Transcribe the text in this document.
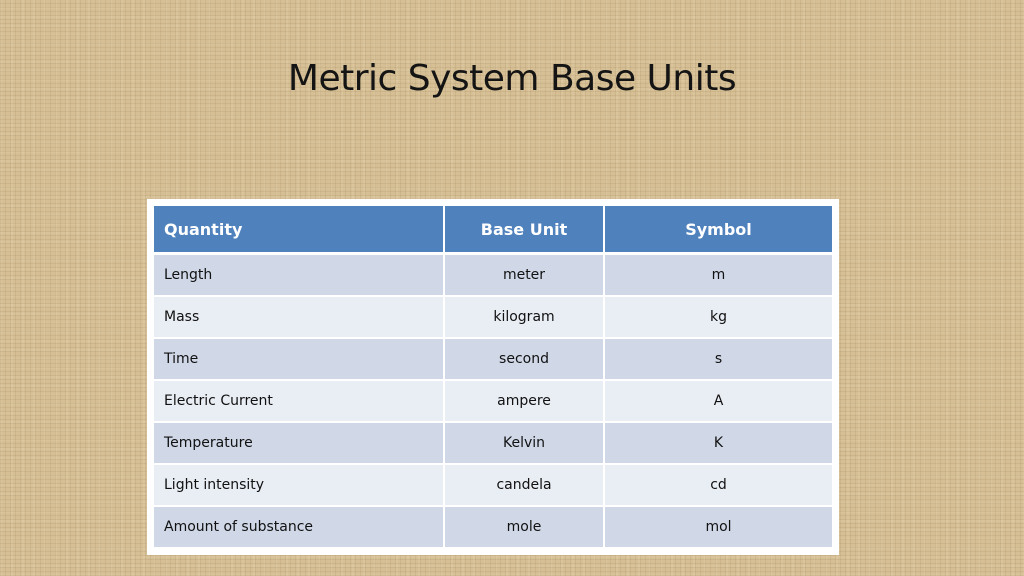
Metric System Base Units
Quantity	Base Unit	Symbol
Length	meter	m
Mass	kilogram	kg
Time	second	s
Electric Current	ampere	A
Temperature	Kelvin	K
Light intensity	candela	cd
Amount of substance	mole	mol
